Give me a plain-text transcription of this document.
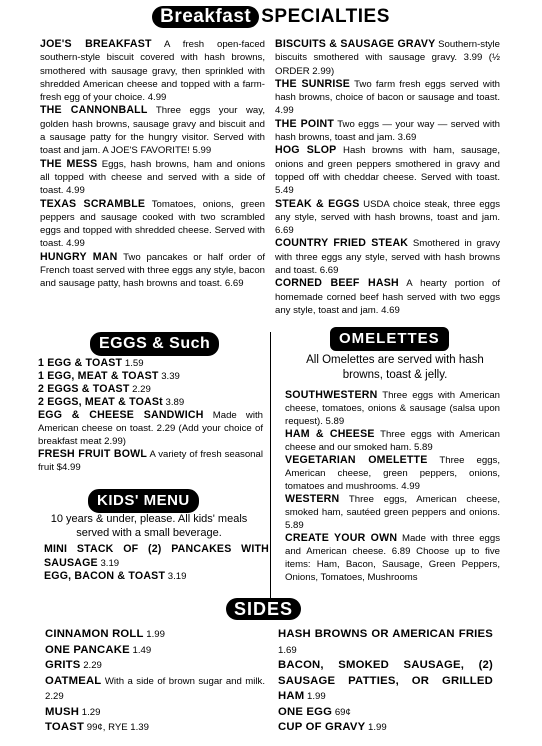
Breakfast SPECIALTIES

JOE'S BREAKFAST A fresh open-faced southern-style biscuit covered with hash browns, smothered with sausage gravy, then sprinkled with shredded American cheese and topped with a farm-fresh egg of your choice. 4.99

THE CANNONBALL Three eggs your way, golden hash browns, sausage gravy and biscuit and a sausage patty for the hungry visitor. Served with toast and jam. A JOE'S FAVORITE! 5.99

THE MESS Eggs, hash browns, ham and onions all topped with cheese and served with a side of toast. 4.99

TEXAS SCRAMBLE Tomatoes, onions, green peppers and sausage cooked with two scrambled eggs and topped with shredded cheese. Served with toast. 4.99

HUNGRY MAN Two pancakes or half order of French toast served with three eggs any style, bacon and sausage patty, hash browns and toast. 6.69

BISCUITS & SAUSAGE GRAVY Southern-style biscuits smothered with sausage gravy. 3.99 (½ ORDER 2.99)

THE SUNRISE Two farm fresh eggs served with hash browns, choice of bacon or sausage and toast. 4.99

THE POINT Two eggs — your way — served with hash browns, toast and jam. 3.69

HOG SLOP Hash browns with ham, sausage, onions and green peppers smothered in gravy and topped off with cheddar cheese. Served with toast. 5.49

STEAK & EGGS USDA choice steak, three eggs any style, served with hash browns, toast and jam. 6.69

COUNTRY FRIED STEAK Smothered in gravy with three eggs any style, served with hash browns and toast. 6.69

CORNED BEEF HASH A hearty portion of homemade corned beef hash served with two eggs any style, toast and jam. 4.69

EGGS & Such

1 EGG & TOAST 1.59

1 EGG, MEAT & TOAST 3.39

2 EGGS & TOAST 2.29

2 EGGS, MEAT & TOASt 3.89

EGG & CHEESE SANDWICH Made with American cheese on toast. 2.29 (Add your choice of breakfast meat 2.99)

FRESH FRUIT BOWL A variety of fresh seasonal fruit $4.99

OMELETTES
All Omelettes are served with hash browns, toast & jelly.

SOUTHWESTERN Three eggs with American cheese, tomatoes, onions & sausage (salsa upon request). 5.89

HAM & CHEESE Three eggs with American cheese and our smoked ham. 5.89

VEGETARIAN OMELETTE Three eggs, American cheese, green peppers, onions, tomatoes and mushrooms. 4.99

WESTERN Three eggs, American cheese, smoked ham, sautéed green peppers and onions. 5.89

CREATE YOUR OWN Made with three eggs and American cheese. 6.89 Choose up to five items: Ham, Bacon, Sausage, Green Peppers, Onions, Tomatoes, Mushrooms

KIDS' MENU
10 years & under, please. All kids' meals served with a small beverage.

MINI STACK OF (2) PANCAKES WITH SAUSAGE 3.19

EGG, BACON & TOAST 3.19

SIDES

CINNAMON ROLL 1.99

ONE PANCAKE 1.49

GRITS 2.29

OATMEAL With a side of brown sugar and milk. 2.29

MUSH 1.29

TOAST 99¢, RYE 1.39

HASH BROWNS OR AMERICAN FRIES 1.69

BACON, SMOKED SAUSAGE, (2) SAUSAGE PATTIES, OR GRILLED HAM 1.99

ONE EGG 69¢

CUP OF GRAVY 1.99
